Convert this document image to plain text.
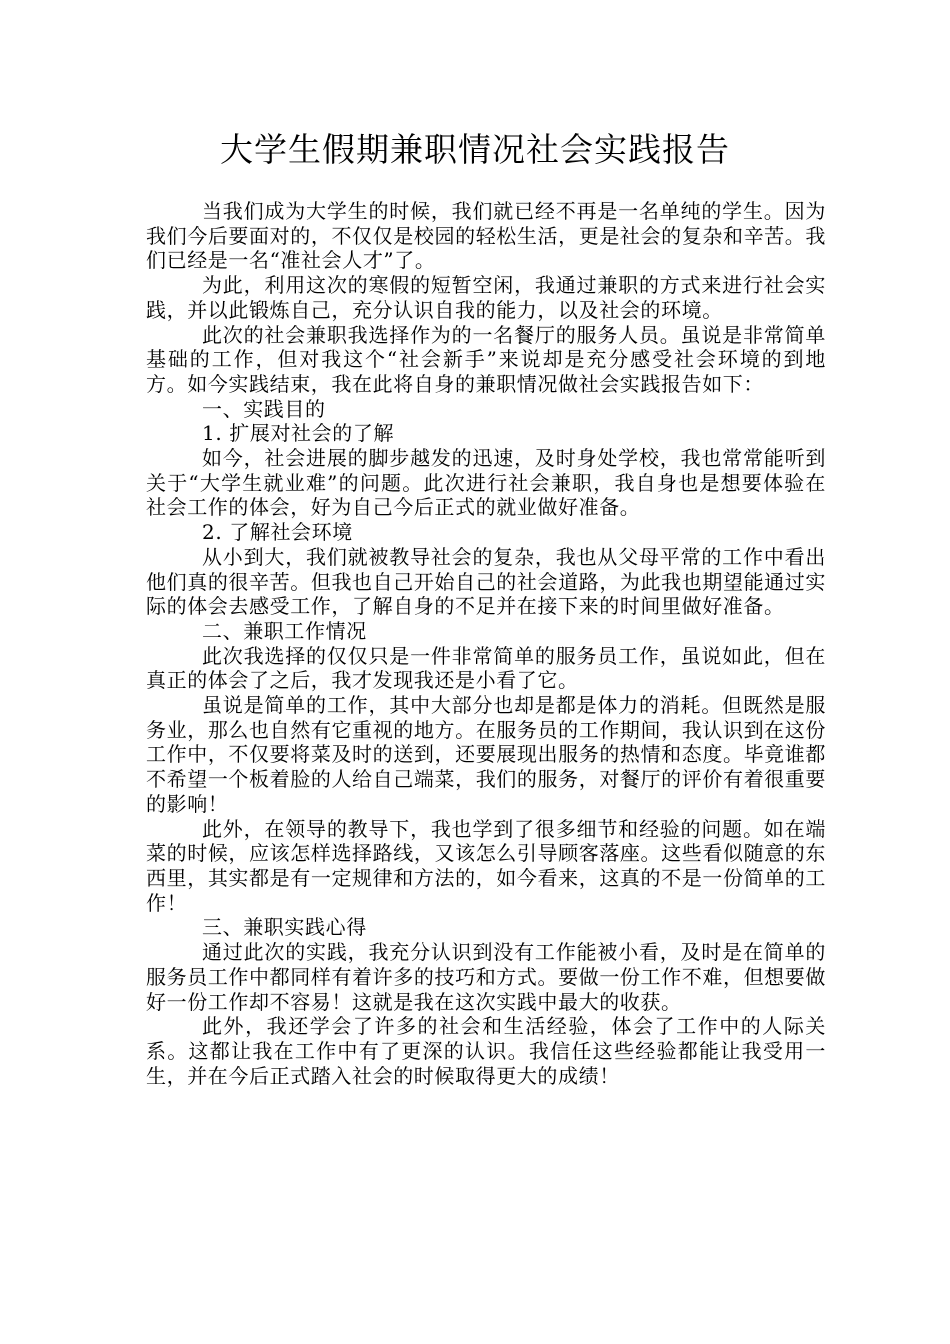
大学生假期兼职情况社会实践报告

当我们成为大学生的时候，我们就已经不再是一名单纯的学生。因为我们今后要面对的，不仅仅是校园的轻松生活，更是社会的复杂和辛苦。我们已经是一名“准社会人才”了。

为此，利用这次的寒假的短暂空闲，我通过兼职的方式来进行社会实践，并以此锻炼自己，充分认识自我的能力，以及社会的环境。

此次的社会兼职我选择作为的一名餐厅的服务人员。虽说是非常简单基础的工作，但对我这个“社会新手”来说却是充分感受社会环境的到地方。如今实践结束，我在此将自身的兼职情况做社会实践报告如下：

一、实践目的

1. 扩展对社会的了解

如今，社会进展的脚步越发的迅速，及时身处学校，我也常常能听到关于“大学生就业难”的问题。此次进行社会兼职，我自身也是想要体验在社会工作的体会，好为自己今后正式的就业做好准备。

2. 了解社会环境

从小到大，我们就被教导社会的复杂，我也从父母平常的工作中看出他们真的很辛苦。但我也自己开始自己的社会道路，为此我也期望能通过实际的体会去感受工作，了解自身的不足并在接下来的时间里做好准备。

二、兼职工作情况

此次我选择的仅仅只是一件非常简单的服务员工作，虽说如此，但在真正的体会了之后，我才发现我还是小看了它。

虽说是简单的工作，其中大部分也却是都是体力的消耗。但既然是服务业，那么也自然有它重视的地方。在服务员的工作期间，我认识到在这份工作中，不仅要将菜及时的送到，还要展现出服务的热情和态度。毕竟谁都不希望一个板着脸的人给自己端菜，我们的服务，对餐厅的评价有着很重要的影响！

此外，在领导的教导下，我也学到了很多细节和经验的问题。如在端菜的时候，应该怎样选择路线，又该怎么引导顾客落座。这些看似随意的东西里，其实都是有一定规律和方法的，如今看来，这真的不是一份简单的工作！

三、兼职实践心得

通过此次的实践，我充分认识到没有工作能被小看，及时是在简单的服务员工作中都同样有着许多的技巧和方式。要做一份工作不难，但想要做好一份工作却不容易！这就是我在这次实践中最大的收获。

此外，我还学会了许多的社会和生活经验，体会了工作中的人际关系。这都让我在工作中有了更深的认识。我信任这些经验都能让我受用一生，并在今后正式踏入社会的时候取得更大的成绩！
